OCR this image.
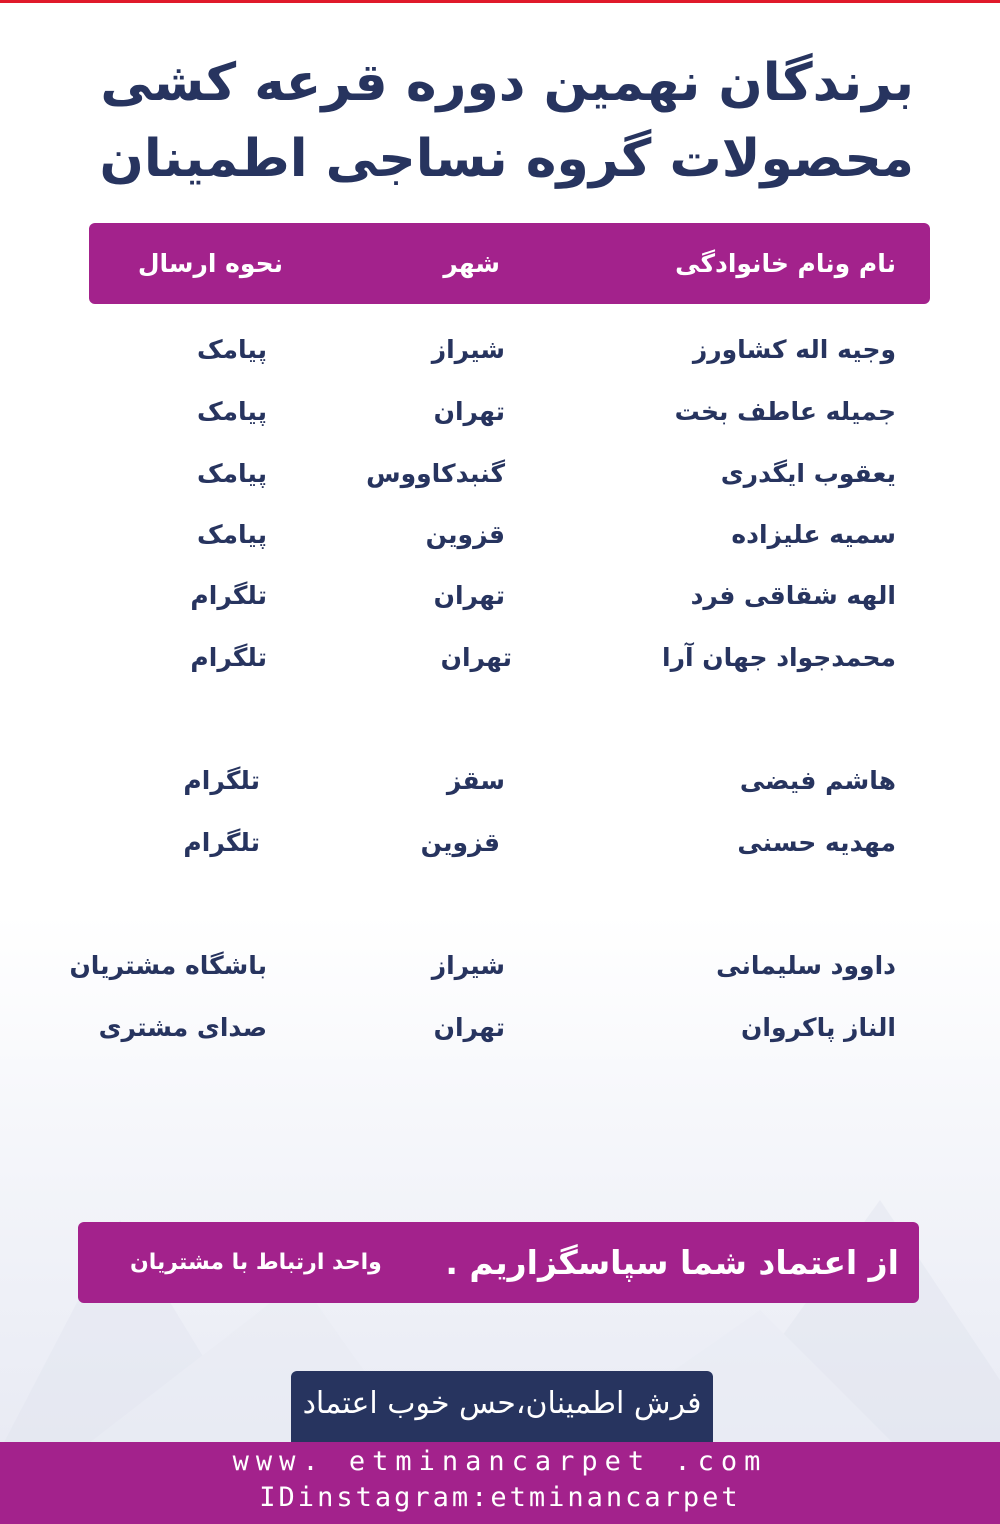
برندگان نهمین دوره قرعه کشی
محصولات گروه نساجی اطمینان
نام ونام خانوادگی
شهر
نحوه ارسال
وجیه اله کشاورز
شیراز
پیامک
جمیله عاطف بخت
تهران
پیامک
یعقوب ایگدری
گنبدکاووس
پیامک
سمیه علیزاده
قزوین
پیامک
الهه شقاقی فرد
تهران
تلگرام
محمدجواد جهان آرا
تهران
تلگرام
هاشم فیضی
سقز
تلگرام
مهدیه حسنی
قزوین
تلگرام
داوود سلیمانی
شیراز
باشگاه مشتریان
الناز پاکروان
تهران
صدای مشتری
از اعتماد شما سپاسگزاریم .
واحد ارتباط با مشتریان
فرش اطمینان،حس خوب اعتماد
www. etminancarpet .com
IDinstagram:etminancarpet
